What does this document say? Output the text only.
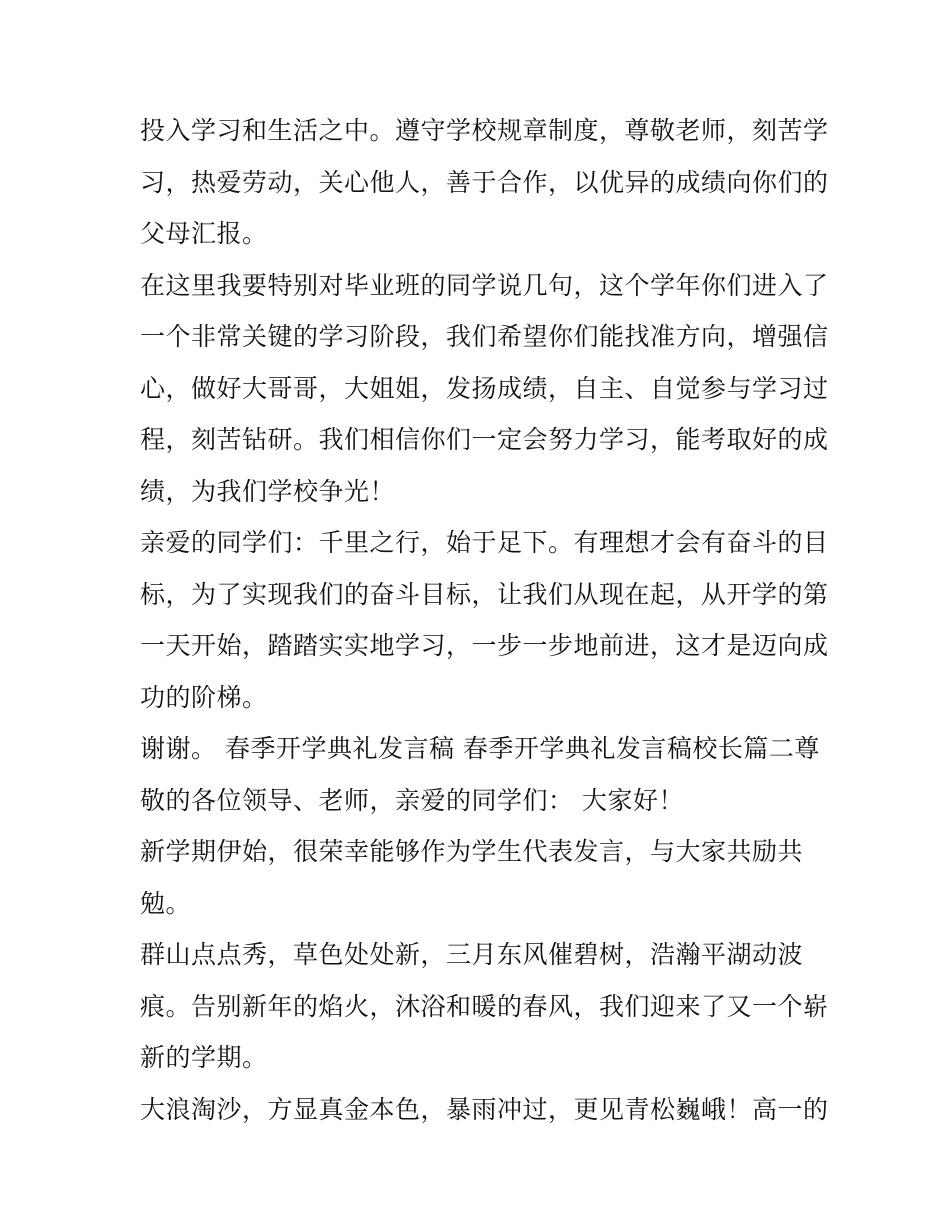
投入学习和生活之中。遵守学校规章制度，尊敬老师，刻苦学
习，热爱劳动，关心他人，善于合作，以优异的成绩向你们的
父母汇报。
在这里我要特别对毕业班的同学说几句，这个学年你们进入了
一个非常关键的学习阶段，我们希望你们能找准方向，增强信
心，做好大哥哥，大姐姐，发扬成绩，自主、自觉参与学习过
程，刻苦钻研。我们相信你们一定会努力学习，能考取好的成
绩，为我们学校争光！
亲爱的同学们：千里之行，始于足下。有理想才会有奋斗的目
标，为了实现我们的奋斗目标，让我们从现在起，从开学的第
一天开始，踏踏实实地学习，一步一步地前进，这才是迈向成
功的阶梯。
谢谢。 春季开学典礼发言稿 春季开学典礼发言稿校长篇二尊
敬的各位领导、老师，亲爱的同学们： 大家好！
新学期伊始，很荣幸能够作为学生代表发言，与大家共励共
勉。
群山点点秀，草色处处新，三月东风催碧树，浩瀚平湖动波
痕。告别新年的焰火，沐浴和暖的春风，我们迎来了又一个崭
新的学期。
大浪淘沙，方显真金本色，暴雨冲过，更见青松巍峨！高一的
